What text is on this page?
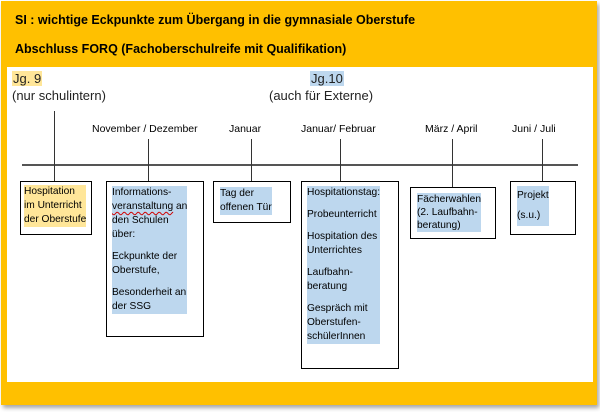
SI : wichtige Eckpunkte zum Übergang in die gymnasiale Oberstufe
Abschluss FORQ (Fachoberschulreife mit Qualifikation)
Jg. 9
(nur schulintern)
Jg.10
(auch für Externe)
November / Dezember	Januar	Januar/ Februar	März / April	Juni / Juli
Hospitation
im Unterricht
der Oberstufe
Informations-
veranstaltung an
den Schulen
über:
Eckpunkte der
Oberstufe,
Besonderheit an
der SSG
Tag der
offenen Tür
Hospitationstag:
Probeunterricht
Hospitation des
Unterrichtes
Laufbahn-
beratung
Gespräch mit
Oberstufen-
schülerInnen
Fächerwahlen
(2. Laufbahn-
beratung)
Projekt
(s.u.)
